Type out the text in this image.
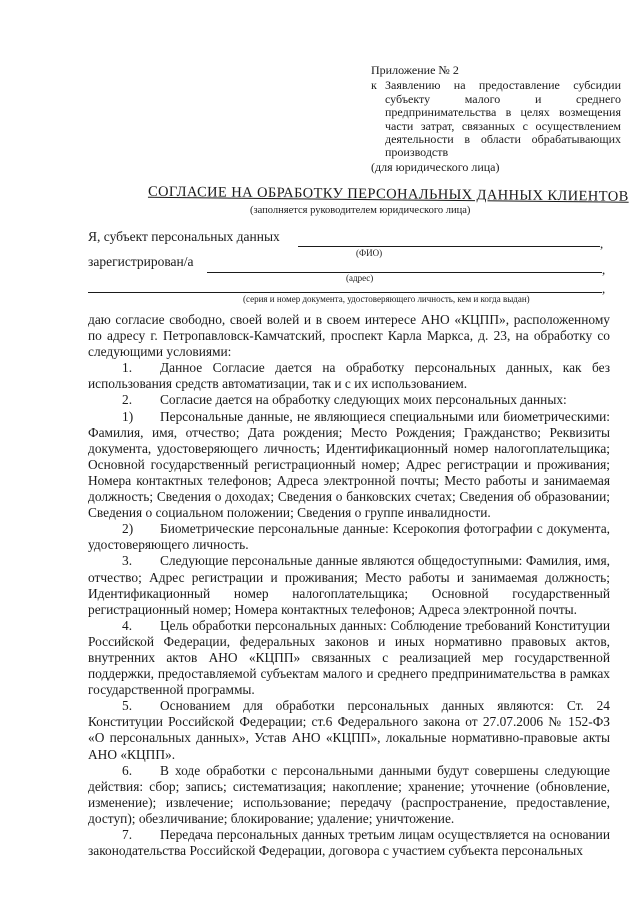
Приложение № 2
к Заявлению на предоставление субсидии субъекту малого и среднего предпринимательства в целях возмещения части затрат, связанных с осуществлением деятельности в области обрабатывающих производств
(для юридического лица)
СОГЛАСИЕ НА ОБРАБОТКУ ПЕРСОНАЛЬНЫХ ДАННЫХ КЛИЕНТОВ
(заполняется руководителем юридического лица)
Я, субъект персональных данных	,
(ФИО)
зарегистрирован/а
,
(адрес)
,
(серия и номер документа, удостоверяющего личность, кем и когда выдан)

даю согласие свободно, своей волей и в своем интересе АНО «КЦПП», расположенному по адресу г. Петропавловск-Камчатский, проспект Карла Маркса, д. 23, на обработку со следующими условиями:

1. Данное Согласие дается на обработку персональных данных, как без использования средств автоматизации, так и с их использованием.

2. Согласие дается на обработку следующих моих персональных данных:

1) Персональные данные, не являющиеся специальными или биометрическими: Фамилия, имя, отчество; Дата рождения; Место Рождения; Гражданство; Реквизиты документа, удостоверяющего личность; Идентификационный номер налогоплательщика; Основной государственный регистрационный номер; Адрес регистрации и проживания; Номера контактных телефонов; Адреса электронной почты; Место работы и занимаемая должность; Сведения о доходах; Сведения о банковских счетах; Сведения об образовании; Сведения о социальном положении; Сведения о группе инвалидности.

2) Биометрические персональные данные: Ксерокопия фотографии с документа, удостоверяющего личность.

3. Следующие персональные данные являются общедоступными: Фамилия, имя, отчество; Адрес регистрации и проживания; Место работы и занимаемая должность; Идентификационный номер налогоплательщика; Основной государственный регистрационный номер; Номера контактных телефонов; Адреса электронной почты.

4. Цель обработки персональных данных: Соблюдение требований Конституции Российской Федерации, федеральных законов и иных нормативно правовых актов, внутренних актов АНО «КЦПП» связанных с реализацией мер государственной поддержки, предоставляемой субъектам малого и среднего предпринимательства в рамках государственной программы.

5. Основанием для обработки персональных данных являются: Ст. 24 Конституции Российской Федерации; ст.6 Федерального закона от 27.07.2006 № 152-ФЗ «О персональных данных», Устав АНО «КЦПП», локальные нормативно-правовые акты АНО «КЦПП».

6. В ходе обработки с персональными данными будут совершены следующие действия: сбор; запись; систематизация; накопление; хранение; уточнение (обновление, изменение); извлечение; использование; передачу (распространение, предоставление, доступ); обезличивание; блокирование; удаление; уничтожение.

7. Передача персональных данных третьим лицам осуществляется на основании законодательства Российской Федерации, договора с участием субъекта персональных
